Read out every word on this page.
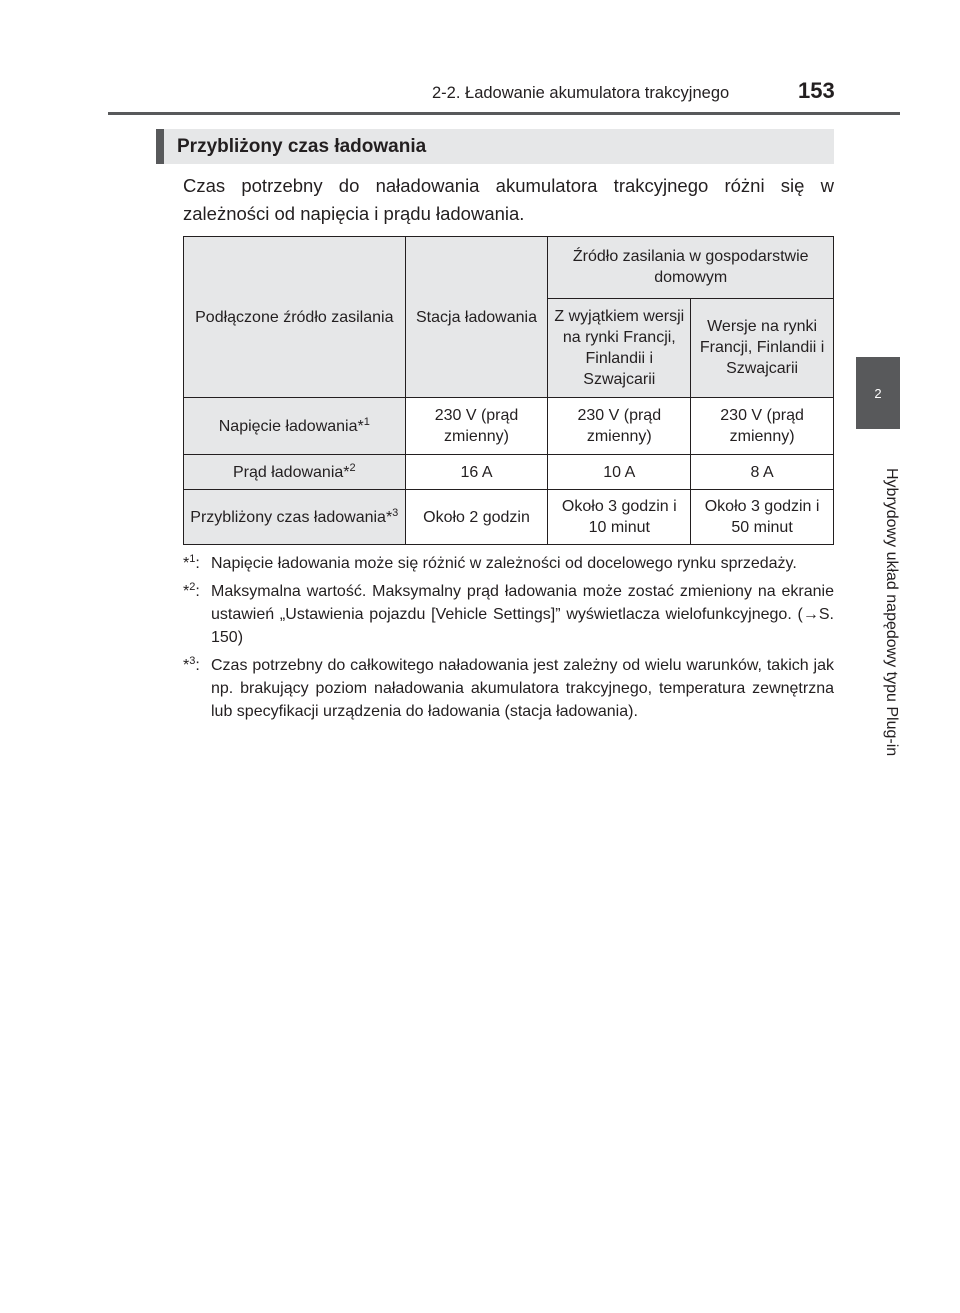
2-2. Ładowanie akumulatora trakcyjnego	153
2
Hybrydowy układ napędowy typu Plug-in
Przybliżony czas ładowania
Czas potrzebny do naładowania akumulatora trakcyjnego różni się w zależności od napięcia i prądu ładowania.
Podłączone źródło zasilania	Stacja ładowania	Źródło zasilania w gospodarstwie domowym	
		Z wyjątkiem wersji na rynki Francji, Finlandii i Szwajcarii	Wersje na rynki Francji, Finlandii i Szwajcarii
Napięcie ładowania*$^1$	230 V (prąd zmienny)	230 V (prąd zmienny)	230 V (prąd zmienny)
Prąd ładowania*$^2$	16 A	10 A	8 A
Przybliżony czas ładowania*$^3$	Około 2 godzin	Około 3 godzin i 10 minut	Około 3 godzin i 50 minut
*$^1$: Napięcie ładowania może się różnić w zależności od docelowego rynku sprzedaży.
*$^2$: Maksymalna wartość. Maksymalny prąd ładowania może zostać zmieniony na ekranie ustawień „Ustawienia pojazdu [Vehicle Settings]” wyświetlacza wielofunkcyjnego. (→S. 150)
*$^3$: Czas potrzebny do całkowitego naładowania jest zależny od wielu warunków, takich jak np. brakujący poziom naładowania akumulatora trakcyjnego, temperatura zewnętrzna lub specyfikacji urządzenia do ładowania (stacja ładowania).
